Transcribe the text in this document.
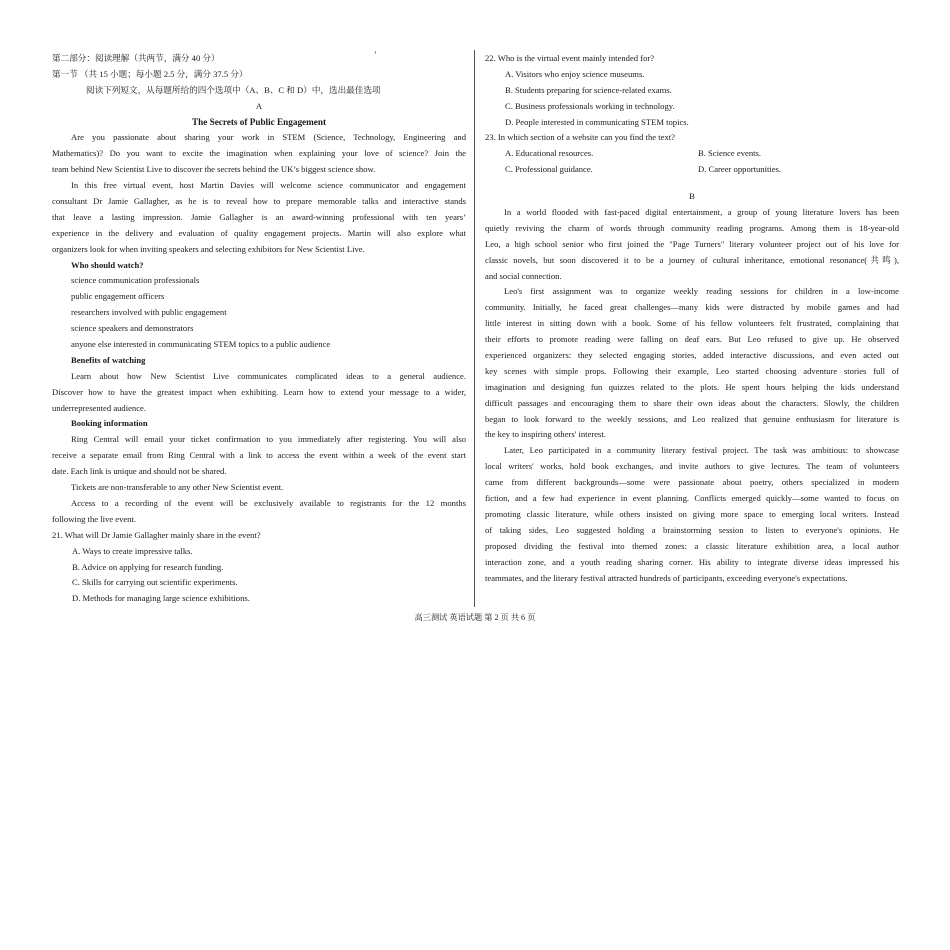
’
第二部分：阅读理解（共两节，满分 40 分）
第一节 （共 15 小题；每小题 2.5 分，满分 37.5 分）
阅读下列短文，从每题所给的四个选项中（A、B、C 和 D）中，选出最佳选项
A
The Secrets of Public Engagement
Are you passionate about sharing your work in STEM (Science, Technology, Engineering and
Mathematics)? Do you want to excite the imagination when explaining your love of science? Join the
team behind New Scientist Live to discover the secrets behind the UK’s biggest science show.
In this free virtual event, host Martin Davies will welcome science communicator and engagement
consultant Dr Jamie Gallagher, as he is to reveal how to prepare memorable talks and interactive stands
that leave a lasting impression. Jamie Gallagher is an award-winning professional with ten years’
experience in the delivery and evaluation of quality engagement projects. Martin will also explore what
organizers look for when inviting speakers and selecting exhibitors for New Scientist Live.
Who should watch?
science communication professionals
public engagement officers
researchers involved with public engagement
science speakers and demonstrators
anyone else interested in communicating STEM topics to a public audience
Benefits of watching
Learn about how New Scientist Live communicates complicated ideas to a general audience.
Discover how to have the greatest impact when exhibiting. Learn how to extend your message to a wider,
underrepresented audience.
Booking information
Ring Central will email your ticket confirmation to you immediately after registering. You will also
receive a separate email from Ring Central with a link to access the event within a week of the event start
date. Each link is unique and should not be shared.
Tickets are non-transferable to any other New Scientist event.
Access to a recording of the event will be exclusively available to registrants for the 12 months
following the live event.
21. What will Dr Jamie Gallagher mainly share in the event?
A. Ways to create impressive talks.
B. Advice on applying for research funding.
C. Skills for carrying out scientific experiments.
D. Methods for managing large science exhibitions.
22. Who is the virtual event mainly intended for?
A. Visitors who enjoy science museums.
B. Students preparing for science-related exams.
C. Business professionals working in technology.
D. People interested in communicating STEM topics.
23. In which section of a website can you find the text?
A. Educational resources.	B. Science events.
C. Professional guidance.	D. Career opportunities.
B
In a world flooded with fast-paced digital entertainment, a group of young literature lovers has been
quietly reviving the charm of words through community reading programs. Among them is 18-year-old
Leo, a high school senior who first joined the "Page Turners" literary volunteer project out of his love for
classic novels, but soon discovered it to be a journey of cultural inheritance, emotional resonance(共鸣),
and social connection.
Leo's first assignment was to organize weekly reading sessions for children in a low-income
community. Initially, he faced great challenges—many kids were distracted by mobile games and had
little interest in sitting down with a book. Some of his fellow volunteers felt frustrated, complaining that
their efforts to promote reading were falling on deaf ears. But Leo refused to give up. He observed
experienced organizers: they selected engaging stories, added interactive discussions, and even acted out
key scenes with simple props. Following their example, Leo started choosing adventure stories full of
imagination and designing fun quizzes related to the plots. He spent hours helping the kids understand
difficult passages and encouraging them to share their own ideas about the characters. Slowly, the children
began to look forward to the weekly sessions, and Leo realized that genuine enthusiasm for literature is
the key to inspiring others' interest.
Later, Leo participated in a community literary festival project. The task was ambitious: to showcase
local writers' works, hold book exchanges, and invite authors to give lectures. The team of volunteers
came from different backgrounds—some were passionate about poetry, others specialized in modern
fiction, and a few had experience in event planning. Conflicts emerged quickly—some wanted to focus on
promoting classic literature, while others insisted on giving more space to emerging local writers. Instead
of taking sides, Leo suggested holding a brainstorming session to listen to everyone's opinions. He
proposed dividing the festival into themed zones: a classic literature exhibition area, a local author
interaction zone, and a youth reading sharing corner. His ability to integrate diverse ideas impressed his
teammates, and the literary festival attracted hundreds of participants, exceeding everyone's expectations.
高三测试 英语试题 第 2 页 共 6 页
